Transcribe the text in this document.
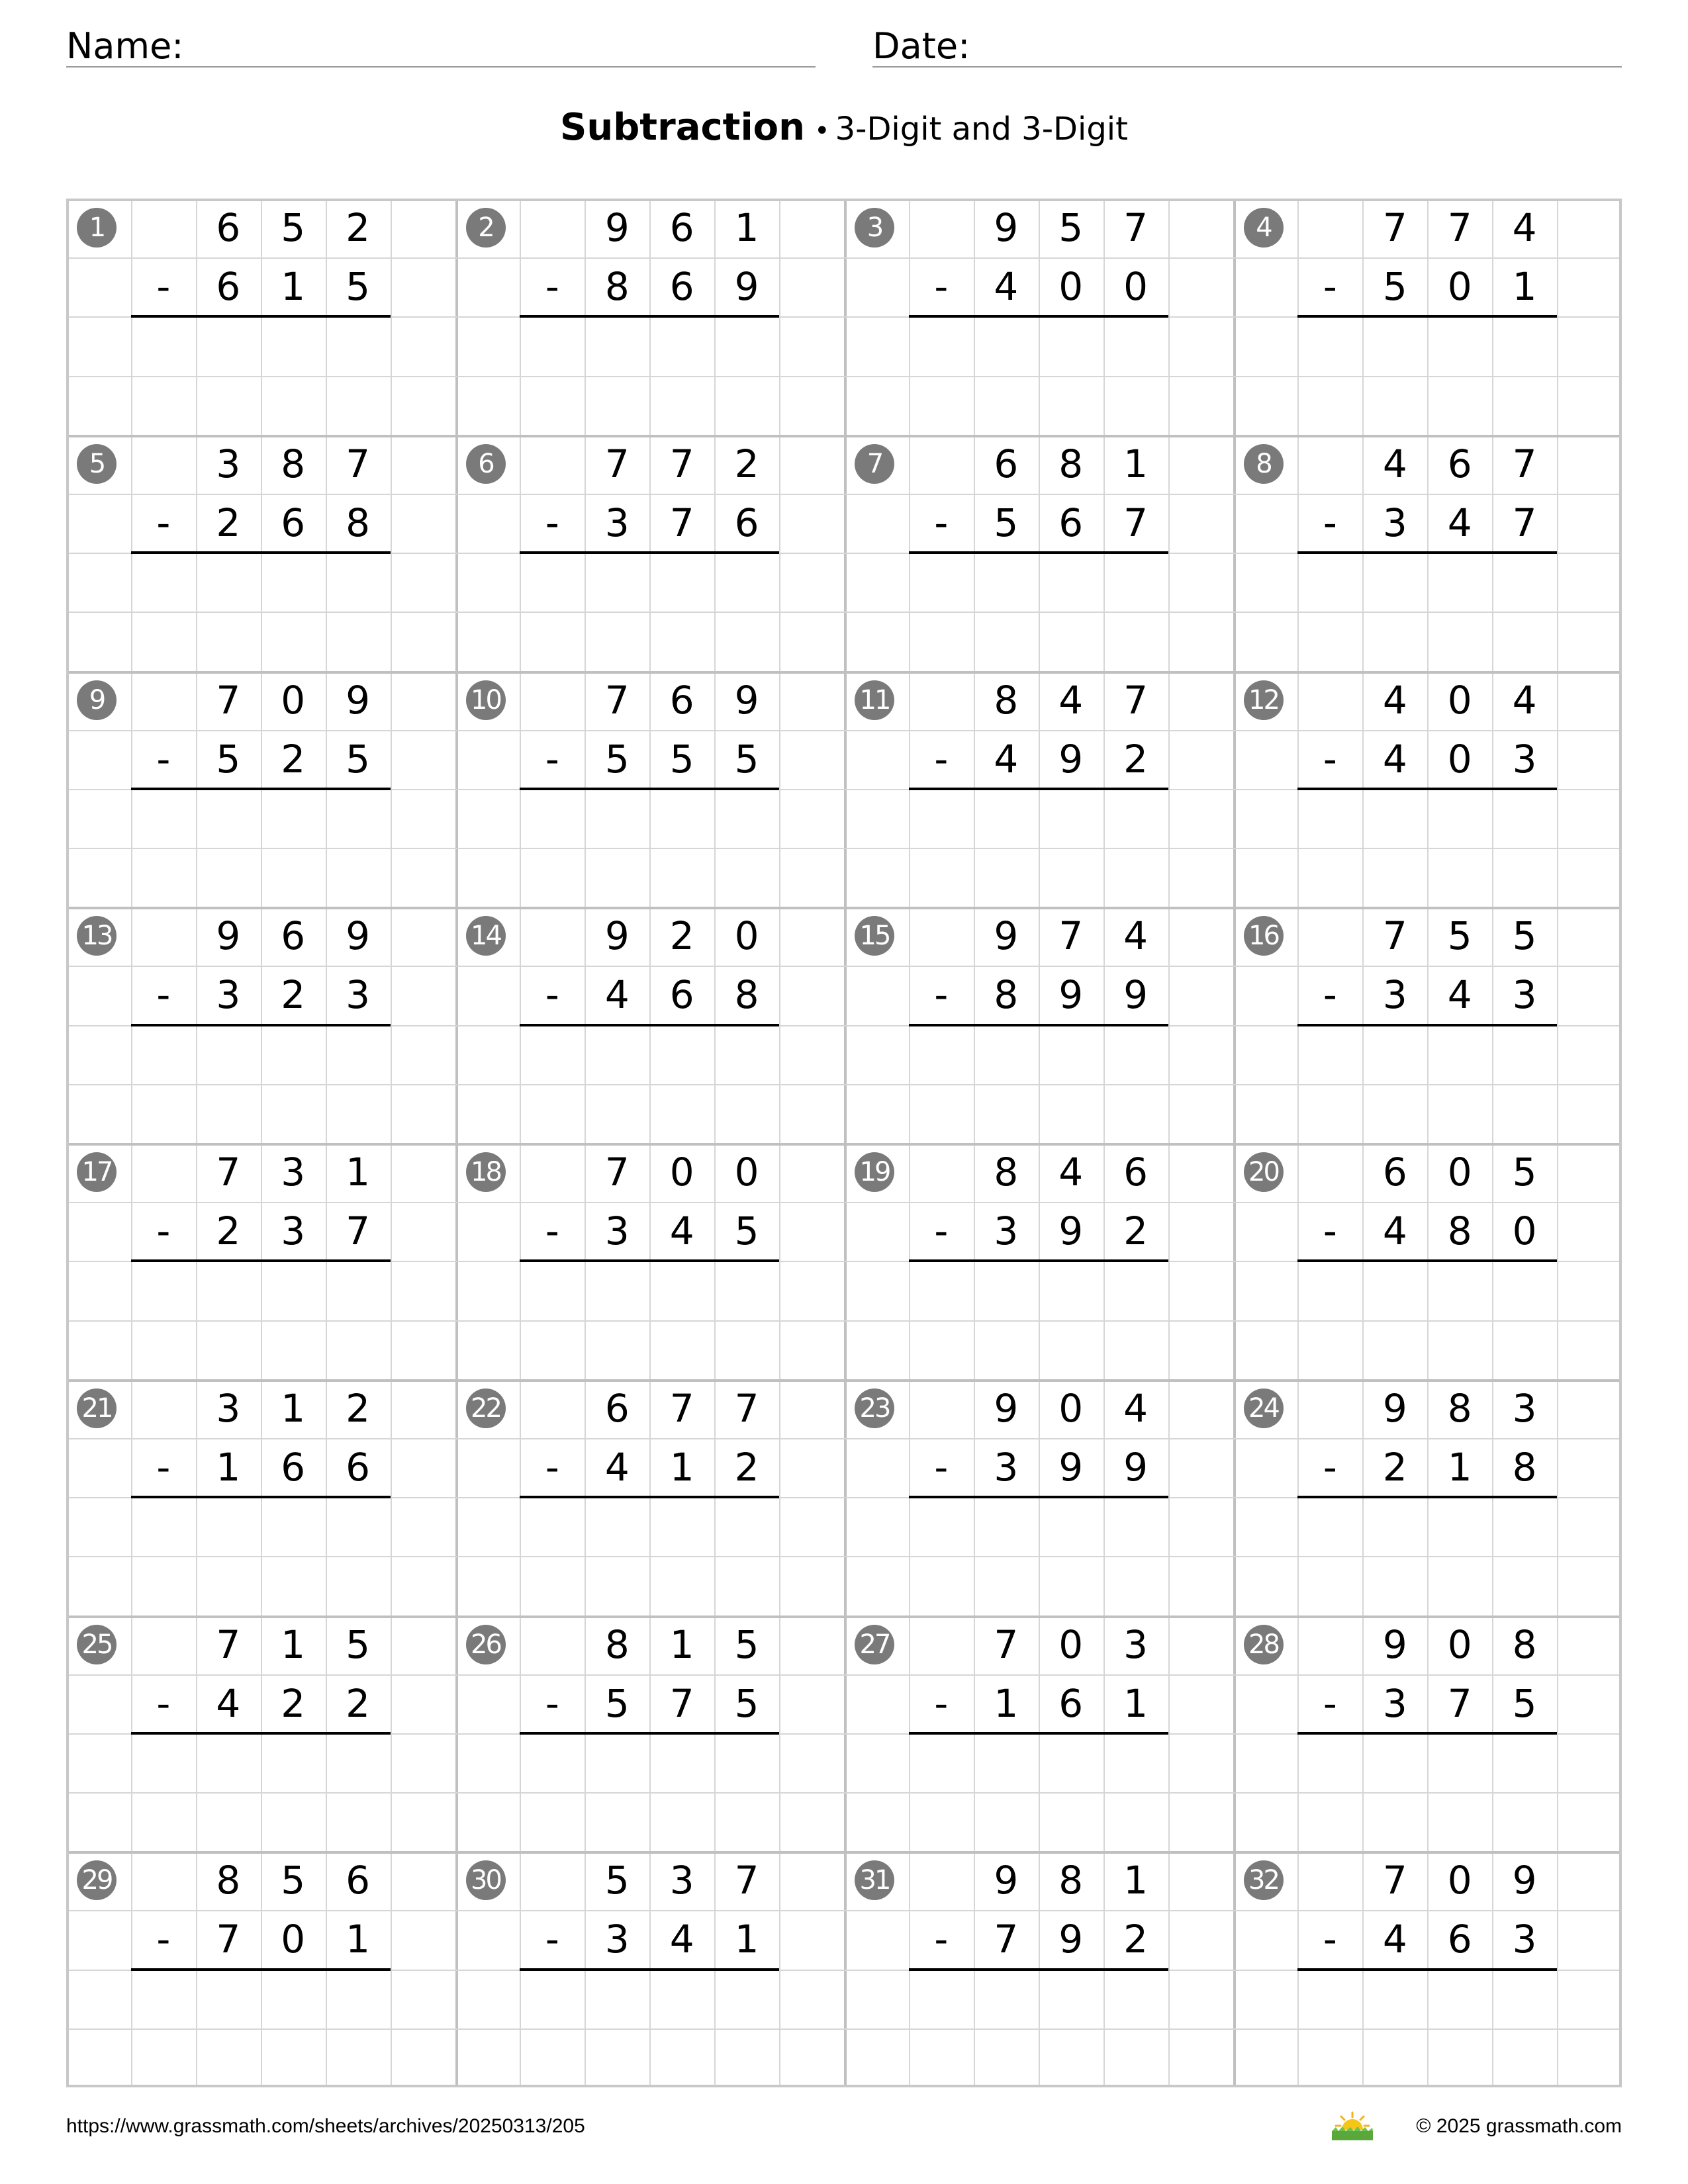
Name:	Date:
Subtraction • 3-Digit and 3-Digit
1	6	5	2
-	6	1	5
2	9	6	1
-	8	6	9
3	9	5	7
-	4	0	0
4	7	7	4
-	5	0	1
5	3	8	7
-	2	6	8
6	7	7	2
-	3	7	6
7	6	8	1
-	5	6	7
8	4	6	7
-	3	4	7
9	7	0	9
-	5	2	5
10	7	6	9
-	5	5	5
11	8	4	7
-	4	9	2
12	4	0	4
-	4	0	3
13	9	6	9
-	3	2	3
14	9	2	0
-	4	6	8
15	9	7	4
-	8	9	9
16	7	5	5
-	3	4	3
17	7	3	1
-	2	3	7
18	7	0	0
-	3	4	5
19	8	4	6
-	3	9	2
20	6	0	5
-	4	8	0
21	3	1	2
-	1	6	6
22	6	7	7
-	4	1	2
23	9	0	4
-	3	9	9
24	9	8	3
-	2	1	8
25	7	1	5
-	4	2	2
26	8	1	5
-	5	7	5
27	7	0	3
-	1	6	1
28	9	0	8
-	3	7	5
29	8	5	6
-	7	0	1
30	5	3	7
-	3	4	1
31	9	8	1
-	7	9	2
32	7	0	9
-	4	6	3
https://www.grassmath.com/sheets/archives/20250313/205	© 2025 grassmath.com
